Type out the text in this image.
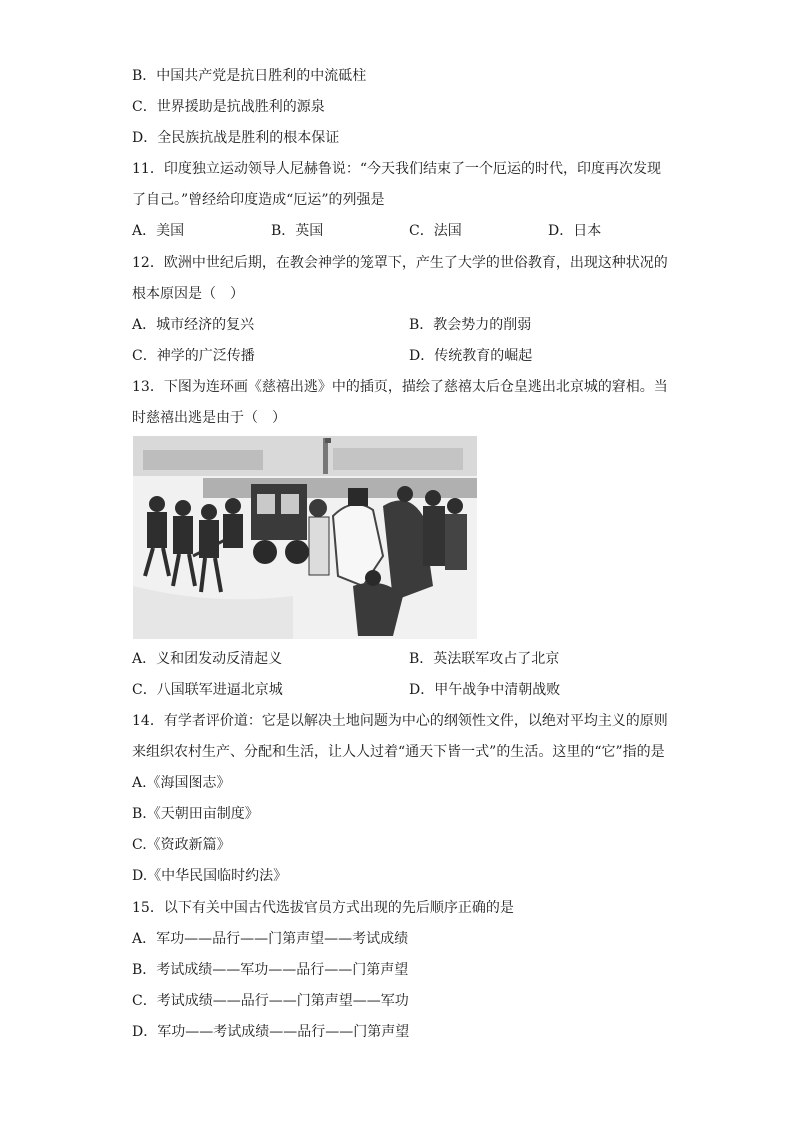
B．中国共产党是抗日胜利的中流砥柱
C．世界援助是抗战胜利的源泉
D．全民族抗战是胜利的根本保证
11．印度独立运动领导人尼赫鲁说：“今天我们结束了一个厄运的时代，印度再次发现
了自己。”曾经给印度造成“厄运”的列强是
A．美国	B．英国	C．法国	D．日本
12．欧洲中世纪后期，在教会神学的笼罩下，产生了大学的世俗教育，出现这种状况的
根本原因是（　）
A．城市经济的复兴	B．教会势力的削弱
C．神学的广泛传播	D．传统教育的崛起
13．下图为连环画《慈禧出逃》中的插页，描绘了慈禧太后仓皇逃出北京城的窘相。当
时慈禧出逃是由于（　）
A．义和团发动反清起义	B．英法联军攻占了北京
C．八国联军进逼北京城	D．甲午战争中清朝战败
14．有学者评价道：它是以解决土地问题为中心的纲领性文件，以绝对平均主义的原则
来组织农村生产、分配和生活，让人人过着“通天下皆一式”的生活。这里的“它”指的是
A.《海国图志》
B.《天朝田亩制度》
C.《资政新篇》
D.《中华民国临时约法》
15．以下有关中国古代选拔官员方式出现的先后顺序正确的是
A．军功——品行——门第声望——考试成绩
B．考试成绩——军功——品行——门第声望
C．考试成绩——品行——门第声望——军功
D．军功——考试成绩——品行——门第声望
